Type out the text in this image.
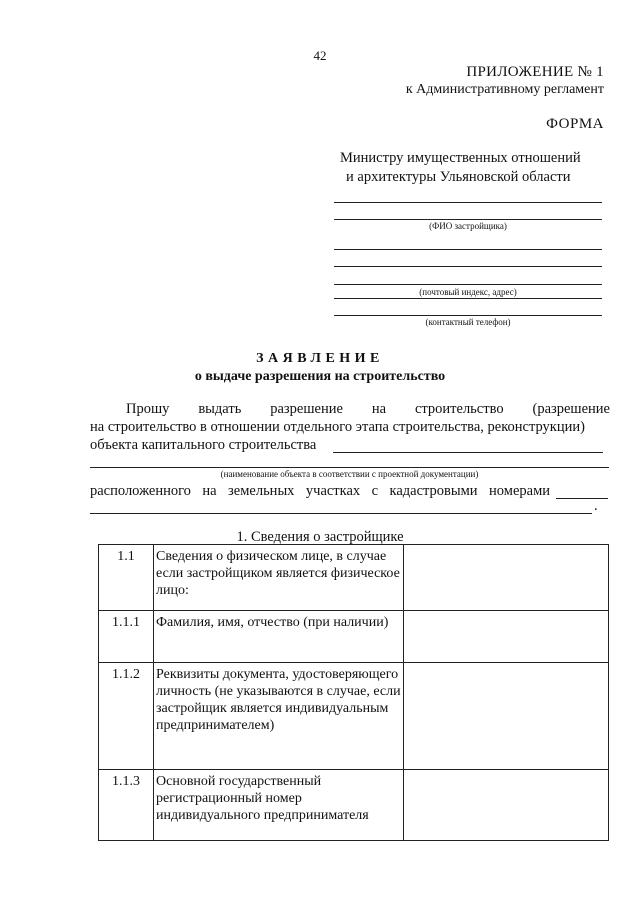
42
ПРИЛОЖЕНИЕ № 1
к Административному регламент
ФОРМА
Министру имущественных отношений
и архитектуры Ульяновской области
(ФИО застройщика)
(почтовый индекс, адрес)
(контактный телефон)
ЗАЯВЛЕНИЕ
о выдаче разрешения на строительство
Прошу выдать разрешение на строительство (разрешение
на строительство в отношении отдельного этапа строительства, реконструкции)
объекта капитального строительства
(наименование объекта в соответствии с проектной документации)
расположенного на земельных участках с кадастровыми номерами
.
1. Сведения о застройщике
1.1	Сведения о физическом лице, в случае если застройщиком является физическое лицо:	
1.1.1	Фамилия, имя, отчество (при наличии)	
1.1.2	Реквизиты документа, удостоверяющего личность (не указываются в случае, если застройщик является индивидуальным предпринимателем)	
1.1.3	Основной государственный регистрационный номер индивидуального предпринимателя	
